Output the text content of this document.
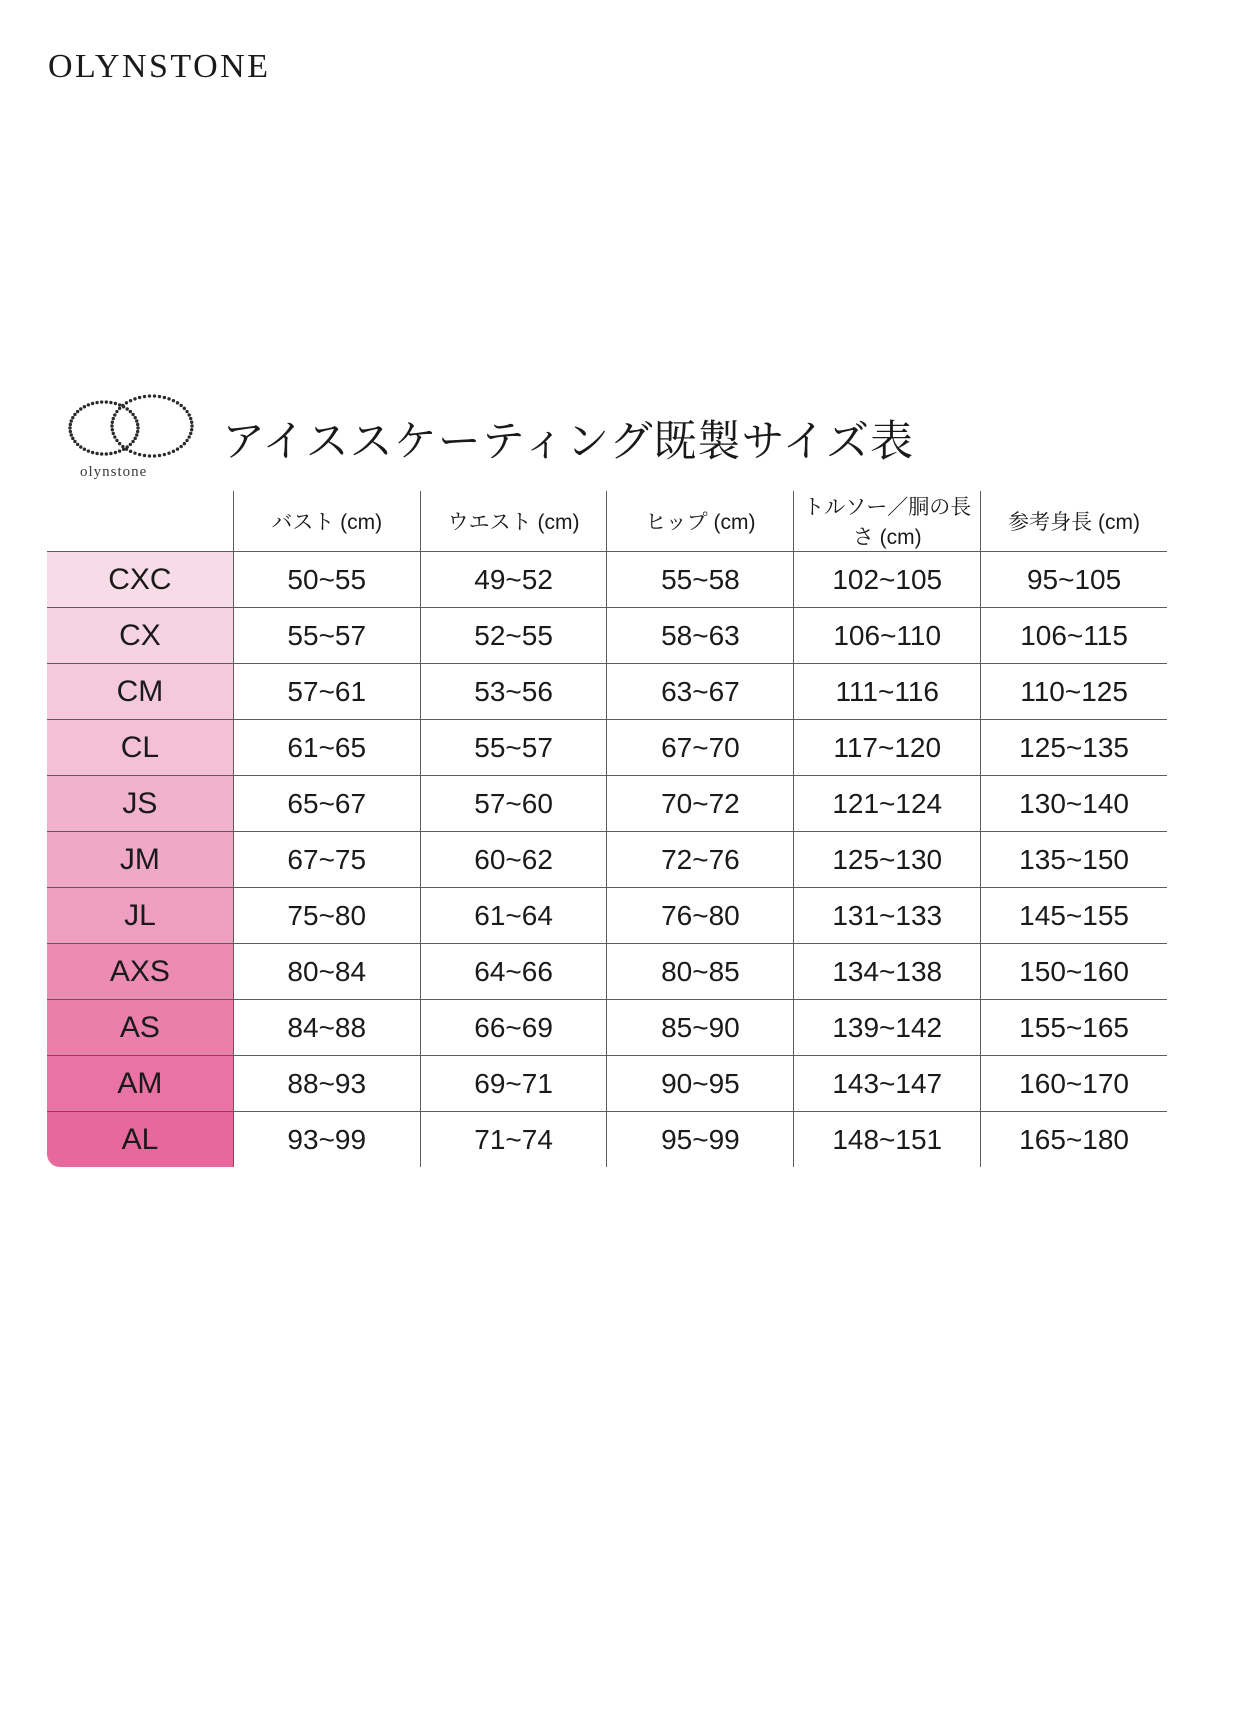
OLYNSTONE
olynstone
アイススケーティング既製サイズ表
	バスト (cm)	ウエスト (cm)	ヒップ (cm)	トルソー／胴の長さ (cm)	参考身長 (cm)
CXC	50~55	49~52	55~58	102~105	95~105
CX	55~57	52~55	58~63	106~110	106~115
CM	57~61	53~56	63~67	111~116	110~125
CL	61~65	55~57	67~70	117~120	125~135
JS	65~67	57~60	70~72	121~124	130~140
JM	67~75	60~62	72~76	125~130	135~150
JL	75~80	61~64	76~80	131~133	145~155
AXS	80~84	64~66	80~85	134~138	150~160
AS	84~88	66~69	85~90	139~142	155~165
AM	88~93	69~71	90~95	143~147	160~170
AL	93~99	71~74	95~99	148~151	165~180
